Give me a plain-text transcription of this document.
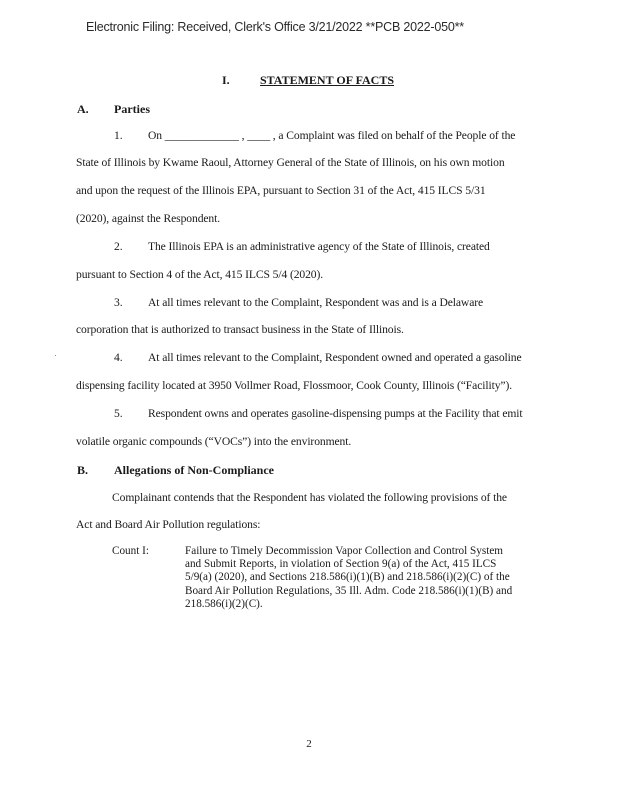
Electronic Filing: Received, Clerk's Office 3/21/2022 **PCB 2022-050**
I.	STATEMENT OF FACTS
A. Parties
1. On _____________ , ____ , a Complaint was filed on behalf of the People of the
State of Illinois by Kwame Raoul, Attorney General of the State of Illinois, on his own motion
and upon the request of the Illinois EPA, pursuant to Section 31 of the Act, 415 ILCS 5/31
(2020), against the Respondent.
2. The Illinois EPA is an administrative agency of the State of Illinois, created
pursuant to Section 4 of the Act, 415 ILCS 5/4 (2020).
3. At all times relevant to the Complaint, Respondent was and is a Delaware
corporation that is authorized to transact business in the State of Illinois.
4. At all times relevant to the Complaint, Respondent owned and operated a gasoline
dispensing facility located at 3950 Vollmer Road, Flossmoor, Cook County, Illinois (“Facility”).
5. Respondent owns and operates gasoline-dispensing pumps at the Facility that emit
volatile organic compounds (“VOCs”) into the environment.
B. Allegations of Non-Compliance
Complainant contends that the Respondent has violated the following provisions of the
Act and Board Air Pollution regulations:
Count I:	Failure to Timely Decommission Vapor Collection and Control System
and Submit Reports, in violation of Section 9(a) of the Act, 415 ILCS
5/9(a) (2020), and Sections 218.586(i)(1)(B) and 218.586(i)(2)(C) of the
Board Air Pollution Regulations, 35 Ill. Adm. Code 218.586(i)(1)(B) and
218.586(i)(2)(C).
2
